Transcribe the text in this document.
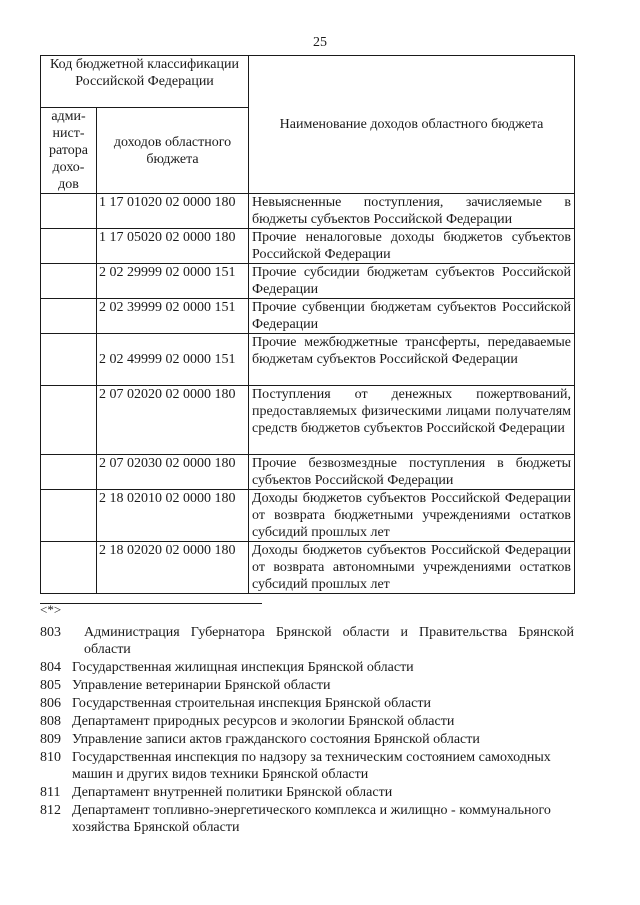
25
Код бюджетной классификации Российской Федерации		Наименование доходов областного бюджета
адми-
нист-
ратора
дохо-
дов	доходов областного бюджета	
	1 17 01020 02 0000 180	Невыясненные поступления, зачисляемые в бюджеты субъектов Российской Федерации
	1 17 05020 02 0000 180	Прочие неналоговые доходы бюджетов субъектов Российской Федерации
	2 02 29999 02 0000 151	Прочие субсидии бюджетам субъектов Российской Федерации
	2 02 39999 02 0000 151	Прочие субвенции бюджетам субъектов Российской Федерации
	2 02 49999 02 0000 151	Прочие межбюджетные трансферты, передаваемые бюджетам субъектов Российской Федерации
	2 07 02020 02 0000 180	Поступления от денежных пожертвований, предоставляемых физическими лицами получателям средств бюджетов субъектов Российской Федерации
	2 07 02030 02 0000 180	Прочие безвозмездные поступления в бюджеты субъектов Российской Федерации
	2 18 02010 02 0000 180	Доходы бюджетов субъектов Российской Федерации от возврата бюджетными учреждениями остатков субсидий прошлых лет
	2 18 02020 02 0000 180	Доходы бюджетов субъектов Российской Федерации от возврата автономными учреждениями остатков субсидий прошлых лет
<*>
803	Администрация Губернатора Брянской области и Правительства Брянской области
804 Государственная жилищная инспекция Брянской области
805 Управление ветеринарии Брянской области
806 Государственная строительная инспекция Брянской области
808 Департамент природных ресурсов и экологии Брянской области
809 Управление записи актов гражданского состояния Брянской области
810 Государственная инспекция по надзору за техническим состоянием самоходных машин и других видов техники Брянской области
811 Департамент внутренней политики Брянской области
812 Департамент топливно-энергетического комплекса и жилищно - коммунального хозяйства Брянской области
